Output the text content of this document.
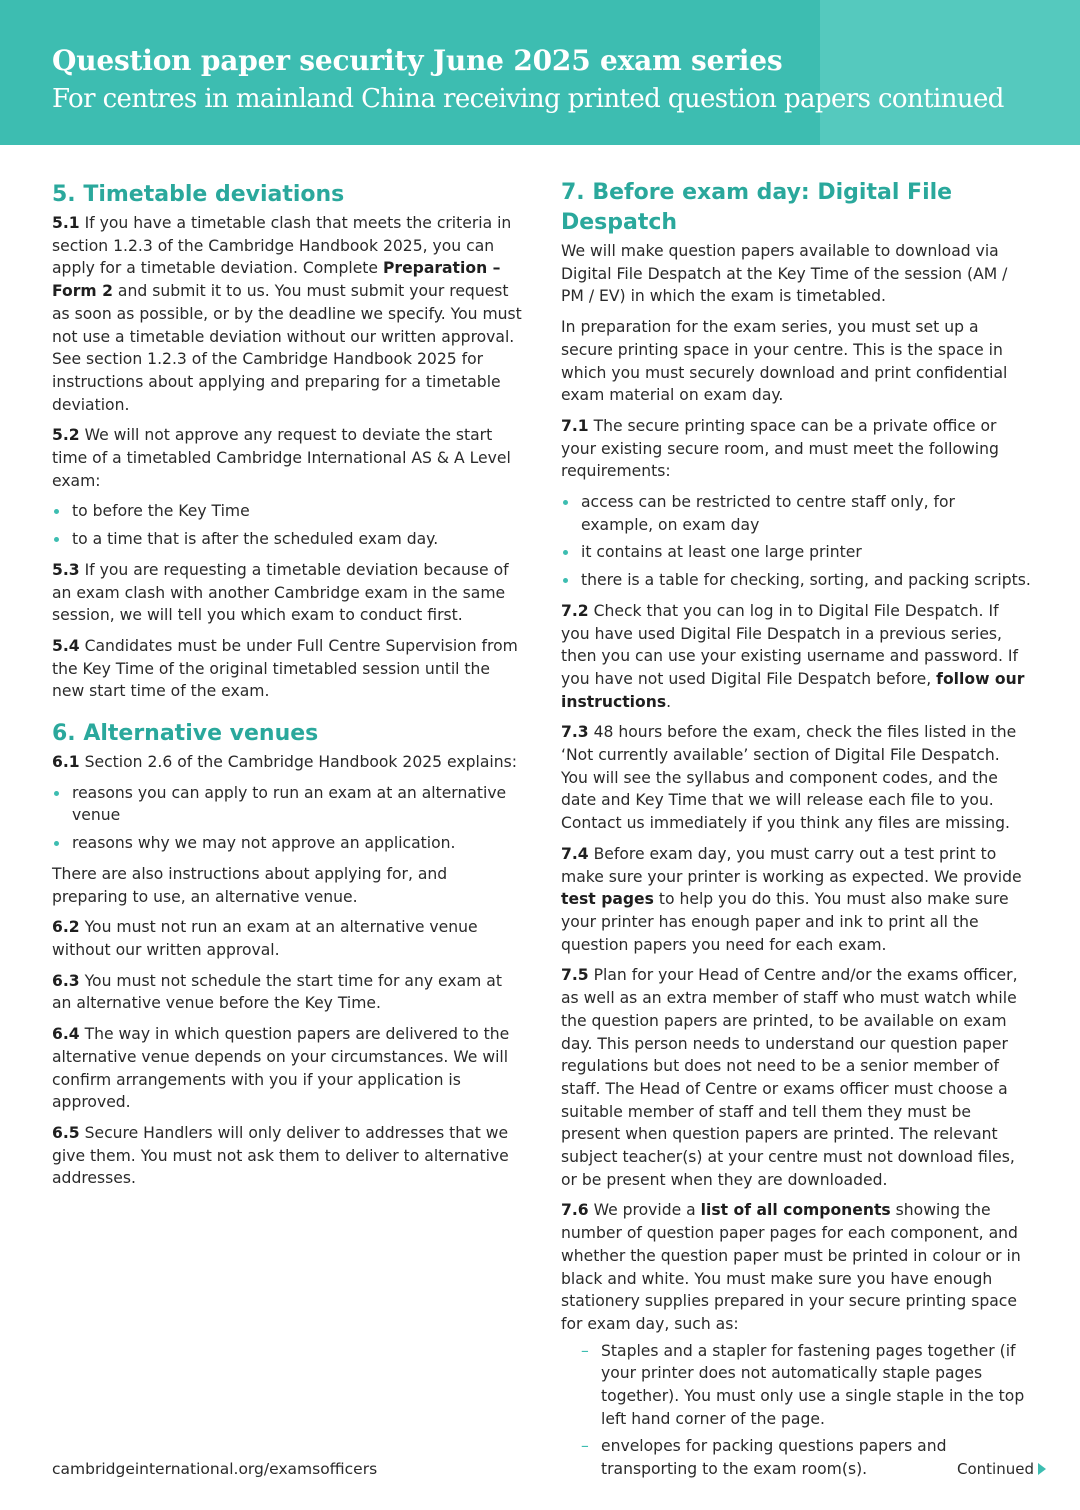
Question paper security June 2025 exam series
For centres in mainland China receiving printed question papers continued
5. Timetable deviations

5.1 If you have a timetable clash that meets the criteria in section 1.2.3 of the Cambridge Handbook 2025, you can apply for a timetable deviation. Complete Preparation – Form 2 and submit it to us. You must submit your request as soon as possible, or by the deadline we specify. You must not use a timetable deviation without our written approval. See section 1.2.3 of the Cambridge Handbook 2025 for instructions about applying and preparing for a timetable deviation.

5.2 We will not approve any request to deviate the start time of a timetabled Cambridge International AS & A Level exam:

to before the Key Time
to a time that is after the scheduled exam day.

5.3 If you are requesting a timetable deviation because of an exam clash with another Cambridge exam in the same session, we will tell you which exam to conduct first.

5.4 Candidates must be under Full Centre Supervision from the Key Time of the original timetabled session until the new start time of the exam.

6. Alternative venues

6.1 Section 2.6 of the Cambridge Handbook 2025 explains:

reasons you can apply to run an exam at an alternative venue
reasons why we may not approve an application.

There are also instructions about applying for, and preparing to use, an alternative venue.

6.2 You must not run an exam at an alternative venue without our written approval.

6.3 You must not schedule the start time for any exam at an alternative venue before the Key Time.

6.4 The way in which question papers are delivered to the alternative venue depends on your circumstances. We will confirm arrangements with you if your application is approved.

6.5 Secure Handlers will only deliver to addresses that we give them. You must not ask them to deliver to alternative addresses.

7. Before exam day: Digital File Despatch

We will make question papers available to download via Digital File Despatch at the Key Time of the session (AM / PM / EV) in which the exam is timetabled.

In preparation for the exam series, you must set up a secure printing space in your centre. This is the space in which you must securely download and print confidential exam material on exam day.

7.1 The secure printing space can be a private office or your existing secure room, and must meet the following requirements:

access can be restricted to centre staff only, for example, on exam day
it contains at least one large printer
there is a table for checking, sorting, and packing scripts.

7.2 Check that you can log in to Digital File Despatch. If you have used Digital File Despatch in a previous series, then you can use your existing username and password. If you have not used Digital File Despatch before, follow our instructions.

7.3 48 hours before the exam, check the files listed in the ‘Not currently available’ section of Digital File Despatch. You will see the syllabus and component codes, and the date and Key Time that we will release each file to you. Contact us immediately if you think any files are missing.

7.4 Before exam day, you must carry out a test print to make sure your printer is working as expected. We provide test pages to help you do this. You must also make sure your printer has enough paper and ink to print all the question papers you need for each exam.

7.5 Plan for your Head of Centre and/or the exams officer, as well as an extra member of staff who must watch while the question papers are printed, to be available on exam day. This person needs to understand our question paper regulations but does not need to be a senior member of staff. The Head of Centre or exams officer must choose a suitable member of staff and tell them they must be present when question papers are printed. The relevant subject teacher(s) at your centre must not download files, or be present when they are downloaded.

7.6 We provide a list of all components showing the number of question paper pages for each component, and whether the question paper must be printed in colour or in black and white. You must make sure you have enough stationery supplies prepared in your secure printing space for exam day, such as:

– Staples and a stapler for fastening pages together (if your printer does not automatically staple pages together). You must only use a single staple in the top left hand corner of the page.
– envelopes for packing questions papers and transporting to the exam room(s).
cambridgeinternational.org/examsofficers	Continued
